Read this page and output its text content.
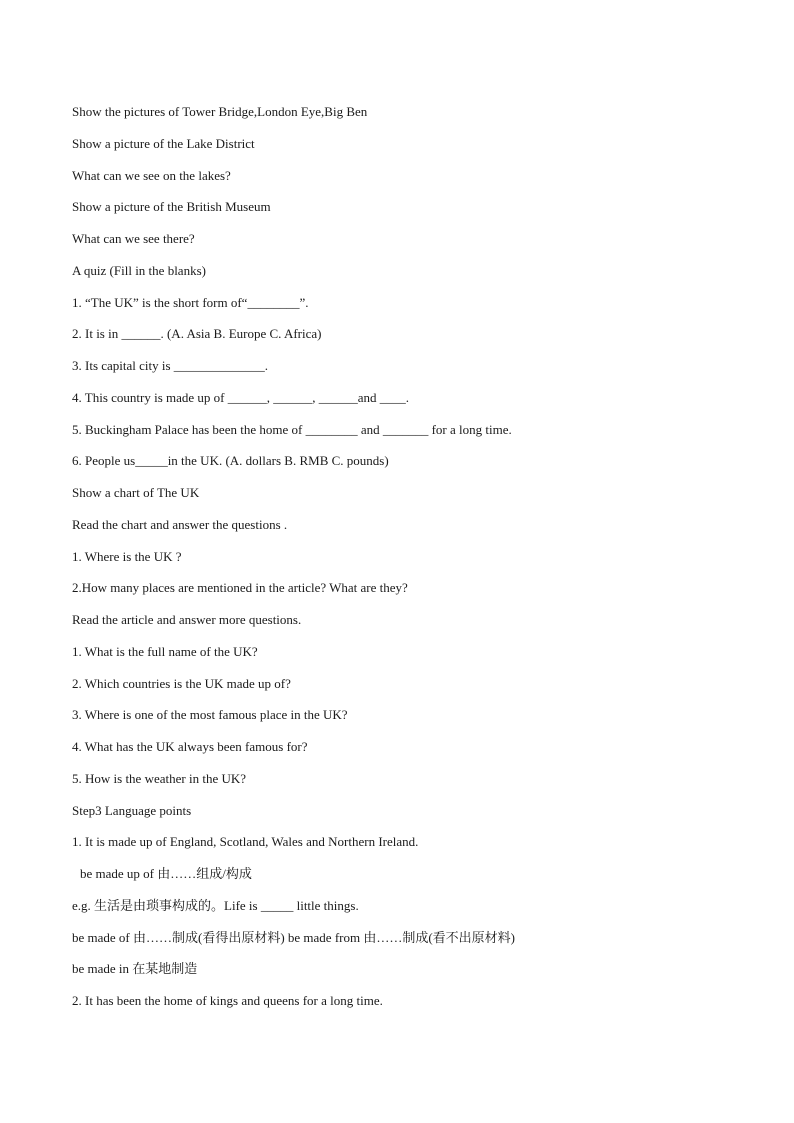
Show the pictures of Tower Bridge,London Eye,Big Ben
Show a picture of the Lake District
What can we see on the lakes?
Show a picture of the British Museum
What can we see there?
A quiz (Fill in the blanks)
1. “The UK” is the short form of“________”.
2. It is in ______. (A. Asia B. Europe C. Africa)
3. Its capital city is ______________.
4. This country is made up of ______, ______, ______and ____.
5. Buckingham Palace has been the home of ________ and _______ for a long time.
6. People us_____in the UK. (A. dollars B. RMB C. pounds)
Show a chart of The UK
Read the chart and answer the questions .
1. Where is the UK ?
2.How many places are mentioned in the article? What are they?
Read the article and answer more questions.
1. What is the full name of the UK?
2. Which countries is the UK made up of?
3. Where is one of the most famous place in the UK?
4. What has the UK always been famous for?
5. How is the weather in the UK?
Step3 Language points
1. It is made up of England, Scotland, Wales and Northern Ireland.
be made up of 由……组成/构成
e.g. 生活是由琐事构成的。Life is _____ little things.
be made of 由……制成(看得出原材料) be made from 由……制成(看不出原材料)
be made in 在某地制造
2. It has been the home of kings and queens for a long time.
